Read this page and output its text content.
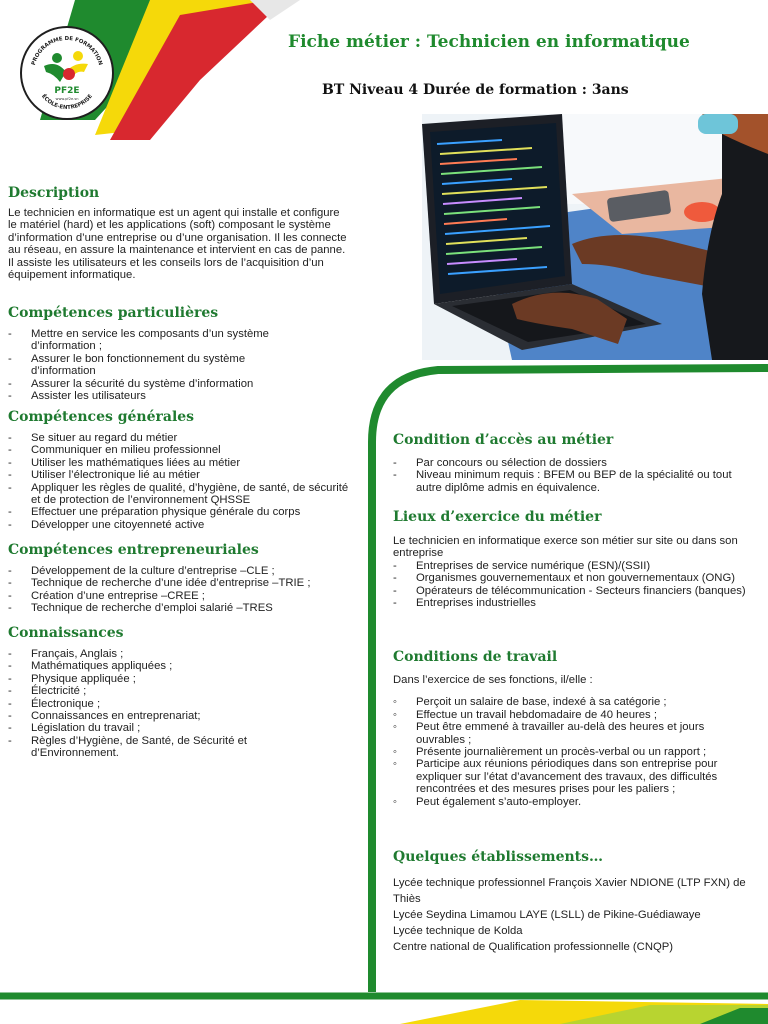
PROGRAMME DE FORMATION
ÉCOLE-ENTREPRISE
PF2E
www.pf2e.sn
Fiche métier : Technicien en informatique
BT Niveau 4 Durée de formation : 3ans
Description

Le technicien en informatique est un agent qui installe et configure le matériel (hard) et les applications (soft) composant le système d’information d’une entreprise ou d’une organisation. Il les connecte au réseau, en assure la maintenance et intervient en cas de panne. Il assiste les utilisateurs et les conseils lors de l’acquisition d’un équipement informatique.

Compétences particulières
- Mettre en service les composants d’un système d’information ;
- Assurer le bon fonctionnement du système d’information
- Assurer la sécurité du système d’information
- Assister les utilisateurs
Compétences générales
- Se situer au regard du métier
- Communiquer en milieu professionnel
- Utiliser les mathématiques liées au métier
- Utiliser l’électronique lié au métier
- Appliquer les règles de qualité, d’hygiène, de santé, de sécurité et de protection de l’environnement QHSSE
- Effectuer une préparation physique générale du corps
- Développer une citoyenneté active
Compétences entrepreneuriales
- Développement de la culture d’entreprise –CLE ;
- Technique de recherche d’une idée d’entreprise –TRIE ;
- Création d’une entreprise –CREE ;
- Technique de recherche d’emploi salarié –TRES
Connaissances
- Français, Anglais ;
- Mathématiques appliquées ;
- Physique appliquée ;
- Électricité ;
- Électronique ;
- Connaissances en entreprenariat;
- Législation du travail ;
- Règles d’Hygiène, de Santé, de Sécurité et d’Environnement.
Condition d’accès au métier
- Par concours ou sélection de dossiers
- Niveau minimum requis : BFEM ou BEP de la spécialité ou tout autre diplôme admis en équivalence.
Lieux d’exercice du métier

Le technicien en informatique exerce son métier sur site ou dans son entreprise

- Entreprises de service numérique (ESN)/(SSII)
- Organismes gouvernementaux et non gouvernementaux (ONG)
- Opérateurs de télécommunication - Secteurs financiers (banques)
- Entreprises industrielles
Conditions de travail

Dans l’exercice de ses fonctions, il/elle :

◦ Perçoit un salaire de base, indexé à sa catégorie ;
◦ Effectue un travail hebdomadaire de 40 heures ;
◦ Peut être emmené à travailler au-delà des heures et jours ouvrables ;
◦ Présente journalièrement un procès-verbal ou un rapport ;
◦ Participe aux réunions périodiques dans son entreprise pour expliquer sur l’état d’avancement des travaux, des difficultés rencontrées et des mesures prises pour les paliers ;
◦ Peut également s’auto-employer.
Quelques établissements…

Lycée technique professionnel François Xavier NDIONE (LTP FXN) de Thiès

Lycée Seydina Limamou LAYE (LSLL) de Pikine-Guédiawaye

Lycée technique de Kolda

Centre national de Qualification professionnelle (CNQP)
